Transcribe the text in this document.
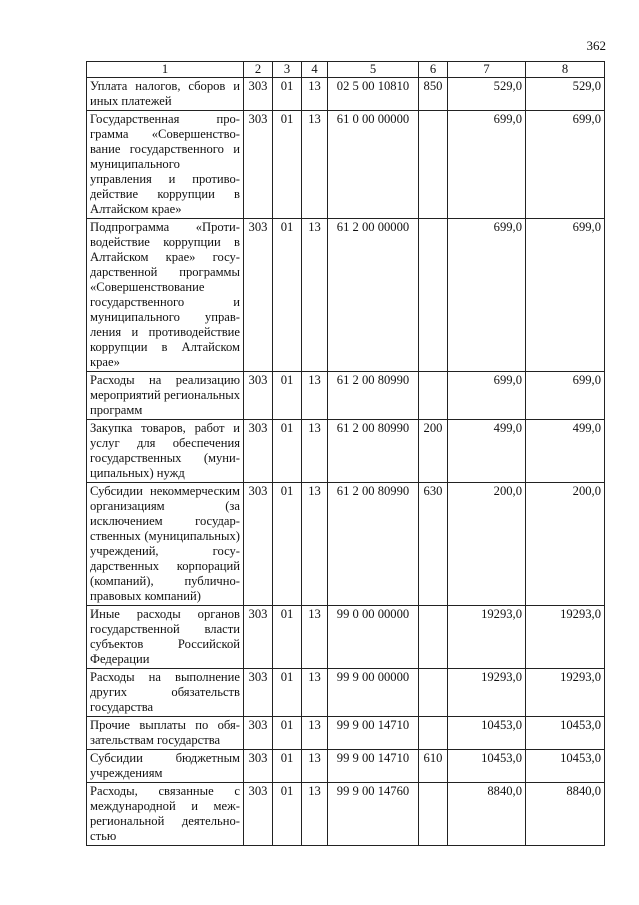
362
1	2	3	4	5	6	7	8
Уплата налогов, сборов и иных платежей	303	01	13	02 5 00 10810	850	529,0	529,0
Государственная программа «Совершенствование государственного и муниципального управления и противодействие коррупции в Алтайском крае»	303	01	13	61 0 00 00000		699,0	699,0
Подпрограмма «Противодействие коррупции в Алтайском крае» государственной программы «Совершенствование государственного и муниципального управления и противодействие коррупции в Алтайском крае»	303	01	13	61 2 00 00000		699,0	699,0
Расходы на реализацию мероприятий региональных программ	303	01	13	61 2 00 80990		699,0	699,0
Закупка товаров, работ и услуг для обеспечения государственных (муниципальных) нужд	303	01	13	61 2 00 80990	200	499,0	499,0
Субсидии некоммерческим организациям (за исключением государственных (муниципальных) учреждений, государственных корпораций (компаний), публично-правовых компаний)	303	01	13	61 2 00 80990	630	200,0	200,0
Иные расходы органов государственной власти субъектов Российской Федерации	303	01	13	99 0 00 00000		19293,0	19293,0
Расходы на выполнение других обязательств государства	303	01	13	99 9 00 00000		19293,0	19293,0
Прочие выплаты по обязательствам государства	303	01	13	99 9 00 14710		10453,0	10453,0
Субсидии бюджетным учреждениям	303	01	13	99 9 00 14710	610	10453,0	10453,0
Расходы, связанные с международной и межрегиональной деятельностью	303	01	13	99 9 00 14760		8840,0	8840,0
